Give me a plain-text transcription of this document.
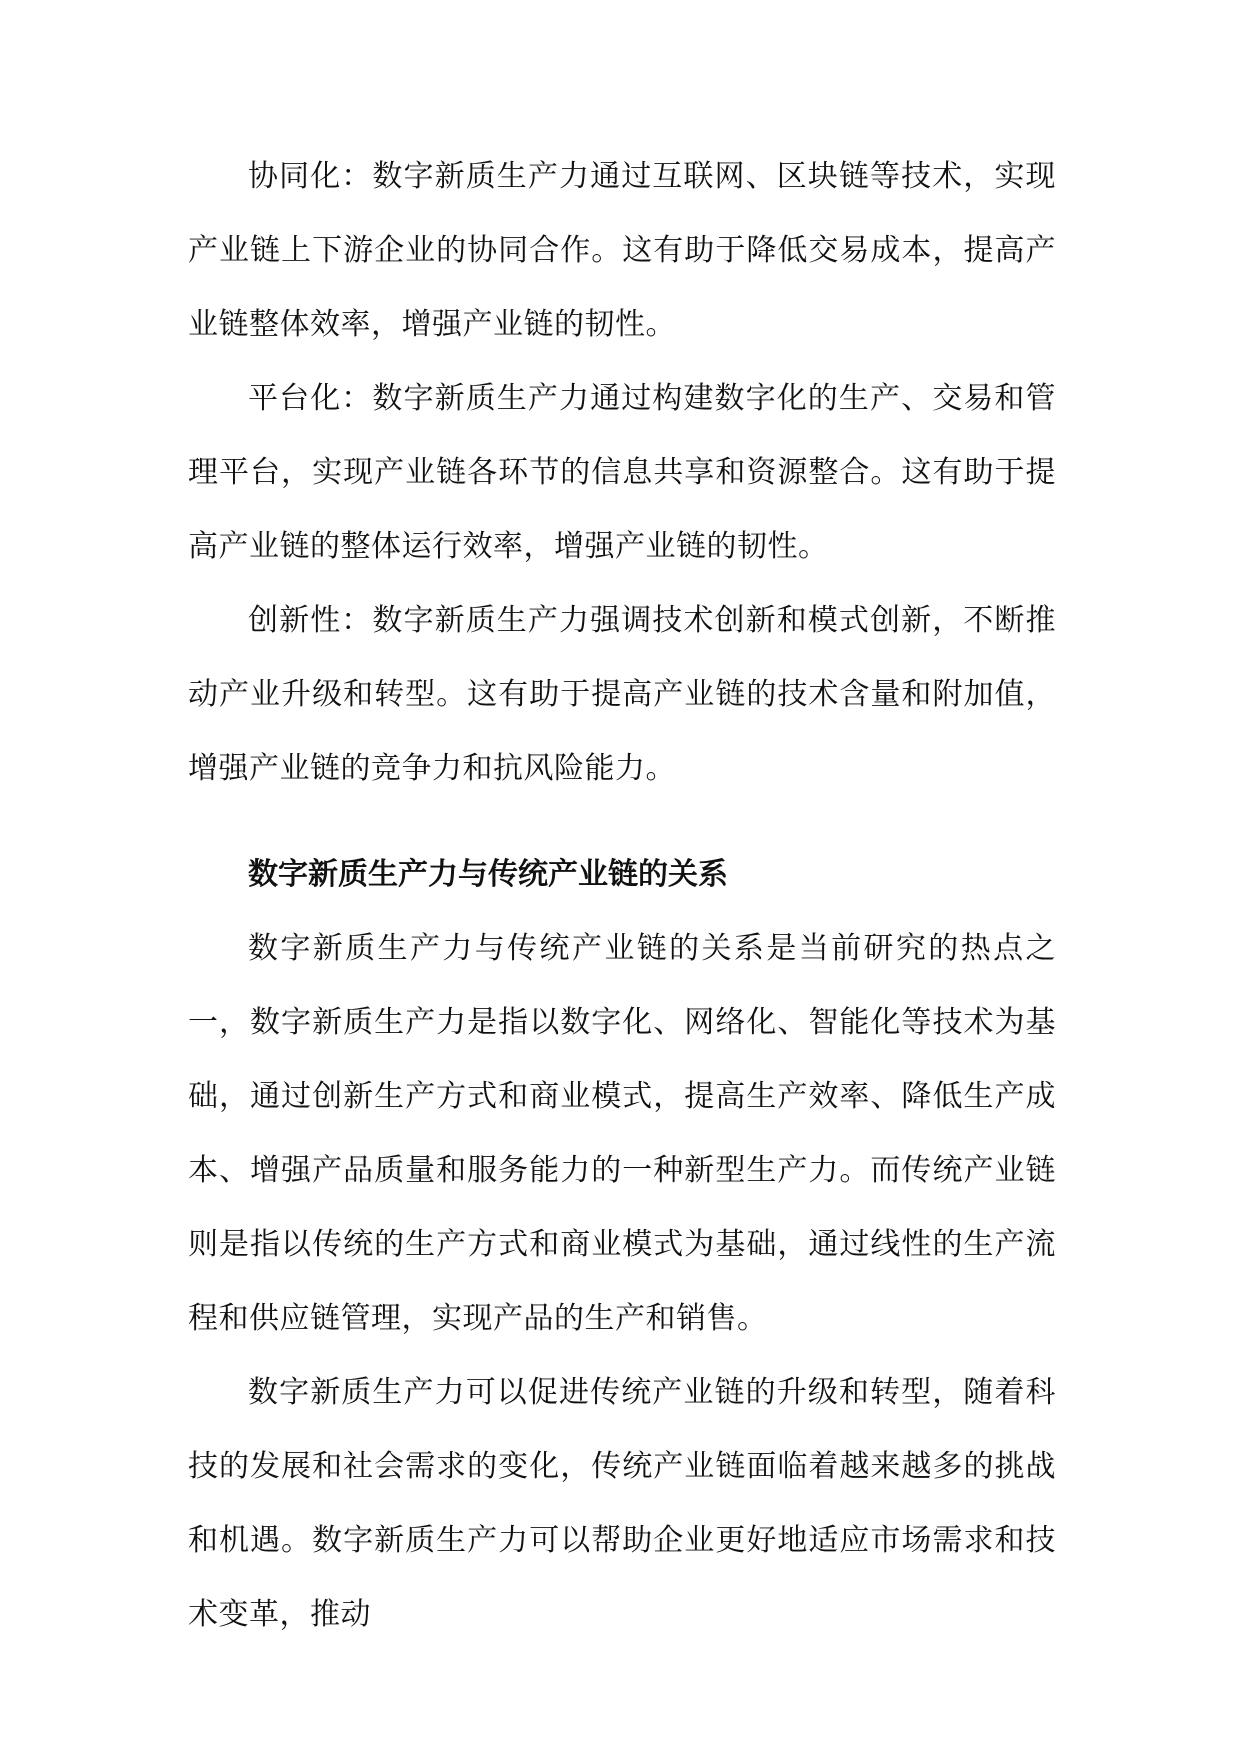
协同化：数字新质生产力通过互联网、区块链等技术，实现产业链上下游企业的协同合作。这有助于降低交易成本，提高产业链整体效率，增强产业链的韧性。

平台化：数字新质生产力通过构建数字化的生产、交易和管理平台，实现产业链各环节的信息共享和资源整合。这有助于提高产业链的整体运行效率，增强产业链的韧性。

创新性：数字新质生产力强调技术创新和模式创新，不断推动产业升级和转型。这有助于提高产业链的技术含量和附加值，增强产业链的竞争力和抗风险能力。

数字新质生产力与传统产业链的关系

数字新质生产力与传统产业链的关系是当前研究的热点之一，数字新质生产力是指以数字化、网络化、智能化等技术为基础，通过创新生产方式和商业模式，提高生产效率、降低生产成本、增强产品质量和服务能力的一种新型生产力。而传统产业链则是指以传统的生产方式和商业模式为基础，通过线性的生产流程和供应链管理，实现产品的生产和销售。

数字新质生产力可以促进传统产业链的升级和转型，随着科技的发展和社会需求的变化，传统产业链面临着越来越多的挑战和机遇。数字新质生产力可以帮助企业更好地适应市场需求和技术变革，推动
